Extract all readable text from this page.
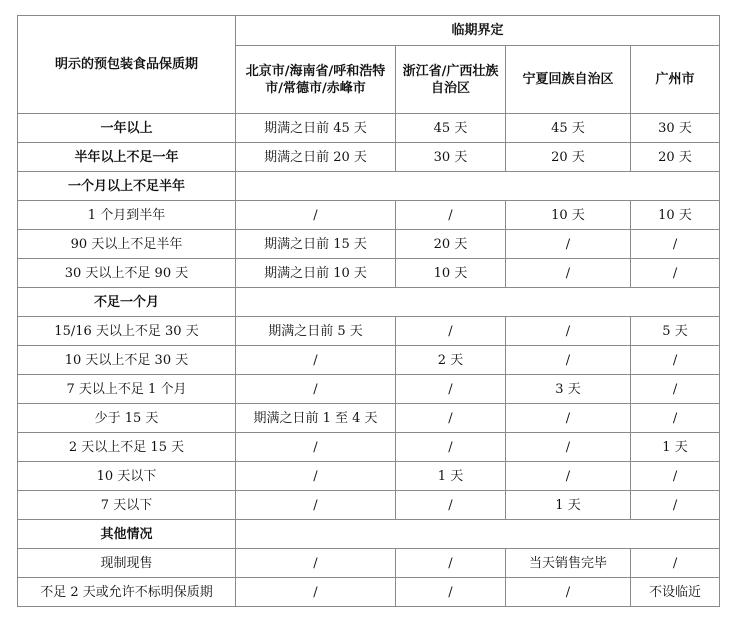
明示的预包装食品保质期	临期界定			
	北京市/海南省/呼和浩特市/常德市/赤峰市	浙江省/广西壮族自治区	宁夏回族自治区	广州市
一年以上	期满之日前 45 天	45 天	45 天	30 天
半年以上不足一年	期满之日前 20 天	30 天	20 天	20 天
一个月以上不足半年				
1 个月到半年	/	/	10 天	10 天
90 天以上不足半年	期满之日前 15 天	20 天	/	/
30 天以上不足 90 天	期满之日前 10 天	10 天	/	/
不足一个月				
15/16 天以上不足 30 天	期满之日前 5 天	/	/	5 天
10 天以上不足 30 天	/	2 天	/	/
7 天以上不足 1 个月	/	/	3 天	/
少于 15 天	期满之日前 1 至 4 天	/	/	/
2 天以上不足 15 天	/	/	/	1 天
10 天以下	/	1 天	/	/
7 天以下	/	/	1 天	/
其他情况				
现制现售	/	/	当天销售完毕	/
不足 2 天或允许不标明保质期	/	/	/	不设临近
